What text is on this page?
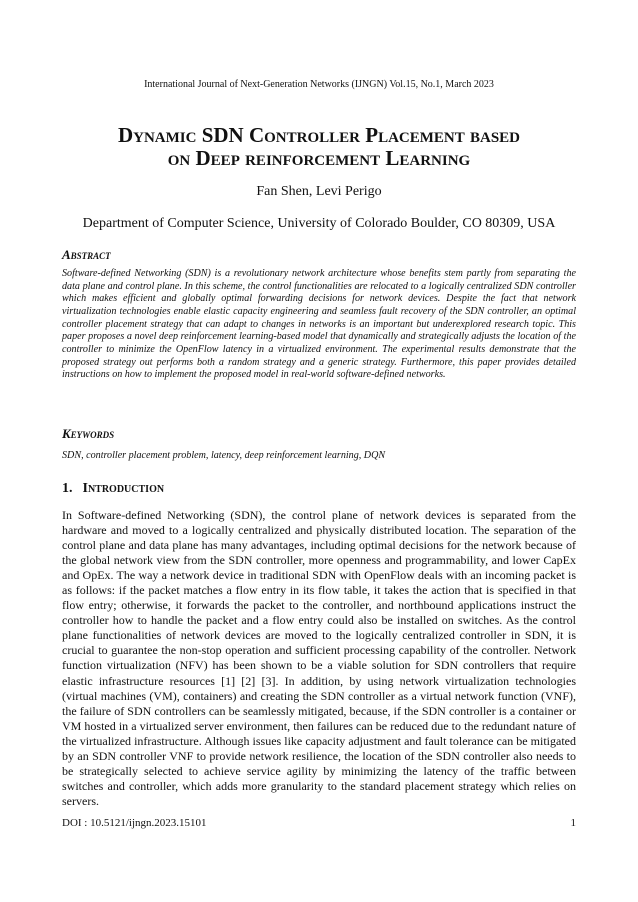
International Journal of Next-Generation Networks (IJNGN) Vol.15, No.1, March 2023
Dynamic SDN Controller Placement based
on Deep reinforcement Learning
Fan Shen, Levi Perigo
Department of Computer Science, University of Colorado Boulder, CO 80309, USA
Abstract
Software-defined Networking (SDN) is a revolutionary network architecture whose benefits stem partly from separating the data plane and control plane. In this scheme, the control functionalities are relocated to a logically centralized SDN controller which makes efficient and globally optimal forwarding decisions for network devices. Despite the fact that network virtualization technologies enable elastic capacity engineering and seamless fault recovery of the SDN controller, an optimal controller placement strategy that can adapt to changes in networks is an important but underexplored research topic. This paper proposes a novel deep reinforcement learning-based model that dynamically and strategically adjusts the location of the controller to minimize the OpenFlow latency in a virtualized environment. The experimental results demonstrate that the proposed strategy out performs both a random strategy and a generic strategy. Furthermore, this paper provides detailed instructions on how to implement the proposed model in real-world software-defined networks.
Keywords
SDN, controller placement problem, latency, deep reinforcement learning, DQN
1. Introduction
In Software-defined Networking (SDN), the control plane of network devices is separated from the hardware and moved to a logically centralized and physically distributed location. The separation of the control plane and data plane has many advantages, including optimal decisions for the network because of the global network view from the SDN controller, more openness and programmability, and lower CapEx and OpEx. The way a network device in traditional SDN with OpenFlow deals with an incoming packet is as follows: if the packet matches a flow entry in its flow table, it takes the action that is specified in that flow entry; otherwise, it forwards the packet to the controller, and northbound applications instruct the controller how to handle the packet and a flow entry could also be installed on switches. As the control plane functionalities of network devices are moved to the logically centralized controller in SDN, it is crucial to guarantee the non-stop operation and sufficient processing capability of the controller. Network function virtualization (NFV) has been shown to be a viable solution for SDN controllers that require elastic infrastructure resources [1] [2] [3]. In addition, by using network virtualization technologies (virtual machines (VM), containers) and creating the SDN controller as a virtual network function (VNF), the failure of SDN controllers can be seamlessly mitigated, because, if the SDN controller is a container or VM hosted in a virtualized server environment, then failures can be reduced due to the redundant nature of the virtualized infrastructure. Although issues like capacity adjustment and fault tolerance can be mitigated by an SDN controller VNF to provide network resilience, the location of the SDN controller also needs to be strategically selected to achieve service agility by minimizing the latency of the traffic between switches and controller, which adds more granularity to the standard placement strategy which relies on servers.
DOI : 10.5121/ijngn.2023.15101	1
